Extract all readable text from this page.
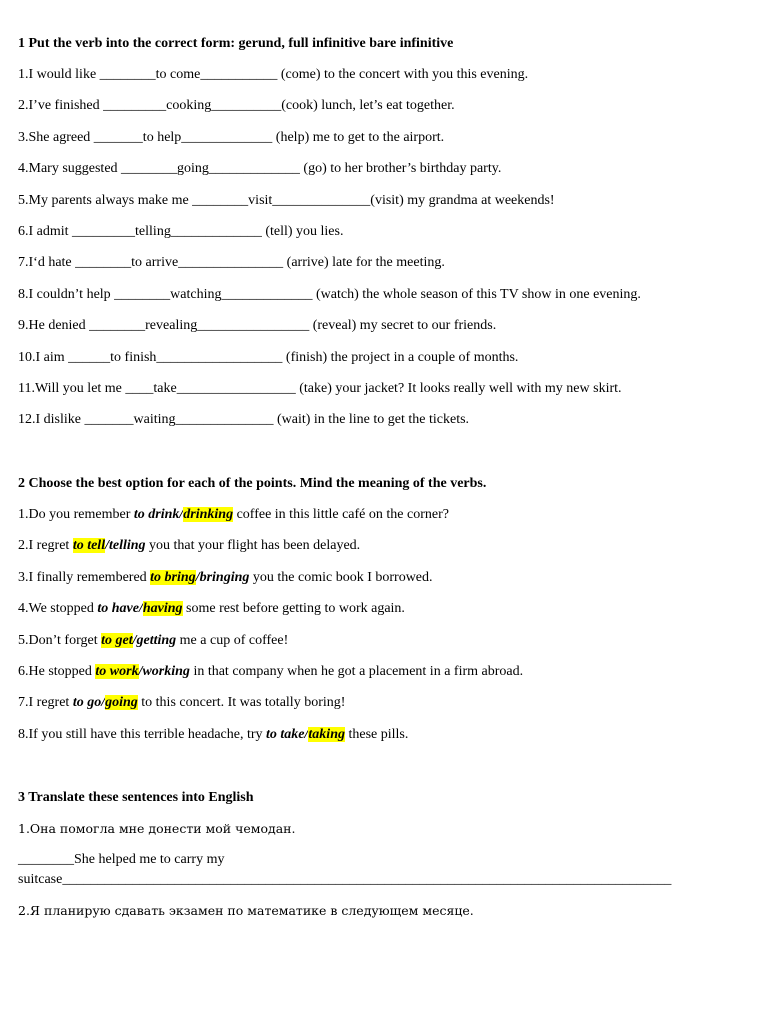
1 Put the verb into the correct form: gerund, full infinitive bare infinitive

1.I would like ________to come___________ (come) to the concert with you this evening.

2.I’ve finished _________cooking__________(cook) lunch, let’s eat together.

3.She agreed _______to help_____________ (help) me to get to the airport.

4.Mary suggested ________going_____________ (go) to her brother’s birthday party.

5.My parents always make me ________visit______________(visit) my grandma at weekends!

6.I admit _________telling_____________ (tell) you lies.

7.I‘d hate ________to arrive_______________ (arrive) late for the meeting.

8.I couldn’t help ________watching_____________ (watch) the whole season of this TV show in one evening.

9.He denied ________revealing________________ (reveal) my secret to our friends.

10.I aim ______to finish__________________ (finish) the project in a couple of months.

11.Will you let me ____take_________________ (take) your jacket? It looks really well with my new skirt.

12.I dislike _______waiting______________ (wait) in the line to get the tickets.

2 Choose the best option for each of the points. Mind the meaning of the verbs.

1.Do you remember to drink/drinking coffee in this little café on the corner?

2.I regret to tell/telling you that your flight has been delayed.

3.I finally remembered to bring/bringing you the comic book I borrowed.

4.We stopped to have/having some rest before getting to work again.

5.Don’t forget to get/getting me a cup of coffee!

6.He stopped to work/working in that company when he got a placement in a firm abroad.

7.I regret to go/going to this concert. It was totally boring!

8.If you still have this terrible headache, try to take/taking these pills.

3 Translate these sentences into English

1.Она помогла мне донести мой чемодан.

________She helped me to carry my

suitcase_______________________________________________________________________________________

2.Я планирую сдавать экзамен по математике в следующем месяце.
